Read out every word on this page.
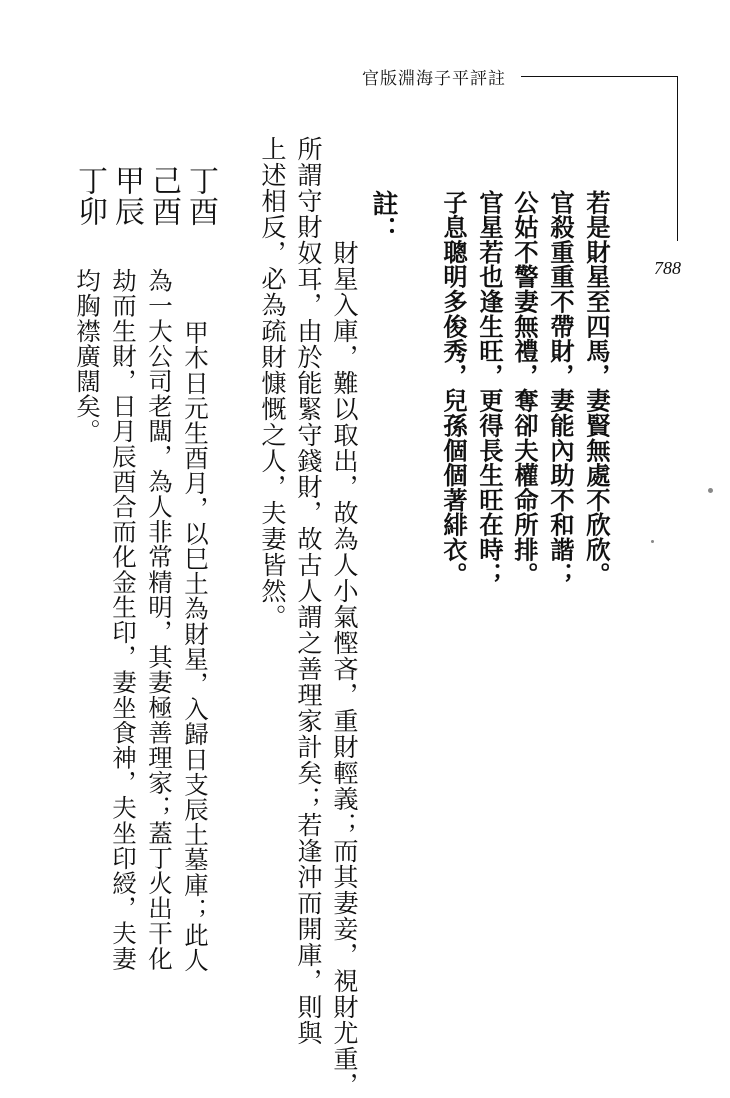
官版淵海子平評註
788
若是財星至四馬，妻賢無處不欣欣。
官殺重重不帶財，妻能內助不和諧；
公姑不警妻無禮，奪卻夫權命所排。
官星若也逢生旺，更得長生旺在時；
子息聰明多俊秀，兒孫個個著緋衣。
註：
財星入庫，難以取出，故為人小氣慳吝，重財輕義；而其妻妾，視財尤重，
所謂守財奴耳，由於能緊守錢財，故古人謂之善理家計矣；若逢沖而開庫，則與
上述相反，必為疏財慷慨之人，夫妻皆然。
丁酉
己酉
甲辰
丁卯
甲木日元生酉月，以巳土為財星，入歸日支辰土墓庫；此人
為一大公司老闆，為人非常精明，其妻極善理家；蓋丁火出干化
劫而生財，日月辰酉合而化金生印，妻坐食神，夫坐印綬，夫妻
均胸襟廣闊矣。
